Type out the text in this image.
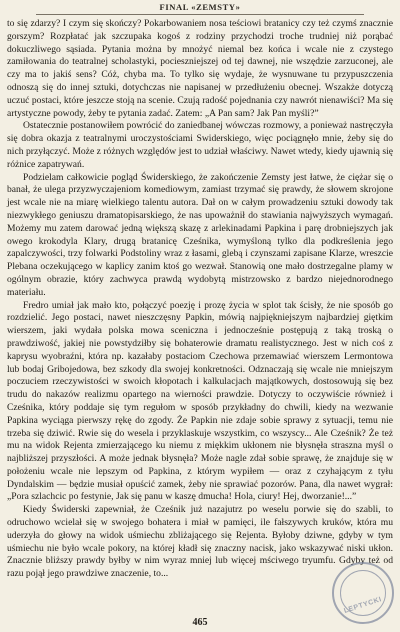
FINAL «ZEMSTY»

to się zdarzy? I czym się skończy? Pokarbowaniem nosa teściowi bratanicy czy też czymś znacznie gorszym? Rozpłatać jak szczupaka kogoś z rodziny przychodzi troche trudniej niż porąbać dokuczliwego sąsiada. Pytania można by mnożyć niemal bez końca i wcale nie z czystego zamiłowania do teatralnej scholastyki, pocieszniejszej od tej dawnej, nie wszędzie zarzuconej, ale czy ma to jakiś sens? Cóż, chyba ma. To tylko się wydaje, że wysnuwane tu przypuszczenia odnoszą się do innej sztuki, dotychczas nie napisanej w przedłużeniu obecnej. Wszakże dotyczą uczuć postaci, które jeszcze stoją na scenie. Czują radość pojednania czy nawrót nienawiści? Ma się artystyczne powody, żeby te pytania zadać. Zatem: „A Pan sam? Jak Pan myśli?”

Ostatecznie postanowiłem powrócić do zaniedbanej wówczas rozmowy, a ponieważ nastręczyła się dobra okazja z teatralnymi uroczystościami Swiderskiego, więc pociągnęło mnie, żeby się do nich przyłączyć. Może z różnych względów jest to udział właściwy. Nawet wtedy, kiedy ujawnią się różnice zapatrywań.

Podzielam całkowicie pogląd Świderskiego, że zakończenie Zemsty jest łatwe, że ciężar się o banał, że ulega przyzwyczajeniom komediowym, zamiast trzymać się prawdy, że słowem skrojone jest wcale nie na miarę wielkiego talentu autora. Dał on w całym prowadzeniu sztuki dowody tak niezwykłego geniuszu dramatopisarskiego, że nas upoważnił do stawiania najwyższych wymagań. Możemy mu zatem darować jedną większą skazę z arlekinadami Papkina i parę drobniejszych jak owego krokodyla Klary, drugą bratanicę Cześnika, wymyśloną tylko dla podkreślenia jego zapalczywości, trzy folwarki Podstoliny wraz z łasami, glebą i czynszami zapisane Klarze, wreszcie Plebana oczekującego w kaplicy zanim ktoś go wezwał. Stanowią one mało dostrzegalne plamy w ogólnym obrazie, który zachwyca prawdą wydobytą mistrzowsko z bardzo niejednorodnego materiału.

Fredro umiał jak mało kto, połączyć poezję i prozę życia w splot tak ścisły, że nie sposób go rozdzielić. Jego postaci, nawet nieszczęsny Papkin, mówią najpiękniejszym najbardziej giętkim wierszem, jaki wydała polska mowa sceniczna i jednocześnie postępują z taką troską o prawdziwość, jakiej nie powstydziłby się bohaterowie dramatu realistycznego. Jest w nich coś z kaprysu wyobraźni, która np. kazałaby postaciom Czechowa przemawiać wierszem Lermontowa lub bodaj Gribojedowa, bez szkody dla swojej konkretności. Odznaczają się wcale nie mniejszym poczuciem rzeczywistości w swoich kłopotach i kalkulacjach majątkowych, dostosowują się bez trudu do nakazów realizmu opartego na wierności prawdzie. Dotyczy to oczywiście również i Cześnika, który poddaje się tym regułom w sposób przykładny do chwili, kiedy na wezwanie Papkina wyciąga pierwszy rękę do zgody. Że Papkin nie zdaje sobie sprawy z sytuacji, temu nie trzeba się dziwić. Rwie się do wesela i przyklaskuje wszystkim, co wszyscy... Ale Cześnik? Że też mu na widok Rejenta zmierzającego ku niemu z miękkim ukłonem nie błysnęła straszna myśl o najbliższej przyszłości. A może jednak błysnęła? Może nagle zdał sobie sprawę, że znajduje się w położeniu wcale nie lepszym od Papkina, z którym wypiłem — oraz z czyhającym z tyłu Dyndalskim — będzie musiał opuścić zamek, żeby nie sprawiać pozorów. Pana, dla nawet wygrał: „Pora szlachcic po festynie, Jak się panu w kaszę dmucha! Hola, ciury! Hej, dworzanie!...”

Kiedy Świderski zapewniał, że Cześnik już nazajutrz po weselu porwie się do szabli, to odruchowo wcielał się w swojego bohatera i miał w pamięci, ile fałszywych kruków, która mu uderzyła do głowy na widok uśmiechu zbliżającego się Rejenta. Byłoby dziwne, gdyby w tym uśmiechu nie było wcale pokory, na której kładł się znaczny nacisk, jako wskazywać niski ukłon. Znacznie bliższy prawdy byłby w nim wyraz mniej lub więcej mściwego tryumfu. Gdyby też od razu pojął jego prawdziwe znaczenie, to...

LEPTYCKI
465
